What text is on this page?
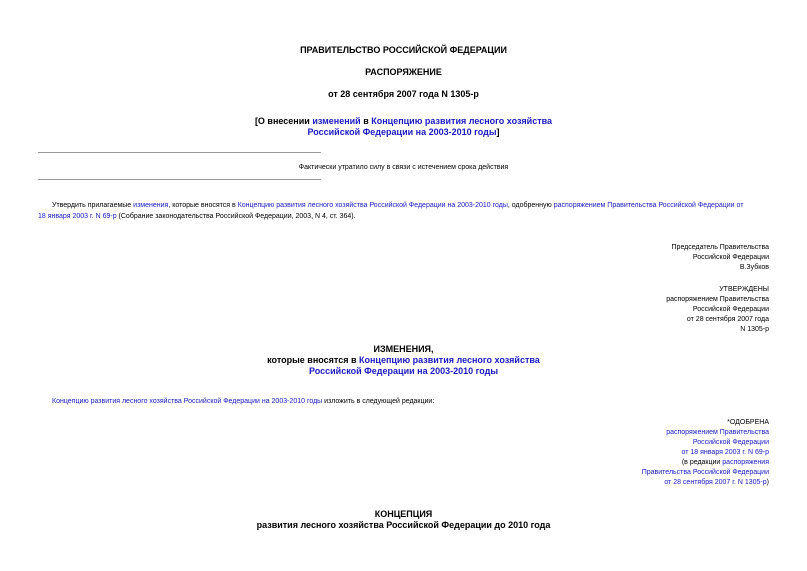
ПРАВИТЕЛЬСТВО РОССИЙСКОЙ ФЕДЕРАЦИИ
РАСПОРЯЖЕНИЕ
от 28 сентября 2007 года N 1305-р
[О внесении изменений в Концепцию развития лесного хозяйства
Российской Федерации на 2003-2010 годы]
Фактически утратило силу в связи с истечением срока действия
Утвердить прилагаемые изменения, которые вносятся в Концепцию развития лесного хозяйства Российской Федерации на 2003-2010 годы, одобренную распоряжением Правительства Российской Федерации от
18 января 2003 г. N 69-р (Собрание законодательства Российской Федерации, 2003, N 4, ст. 364).
Председатель Правительства
Российской Федерации
В.Зубков
УТВЕРЖДЕНЫ
распоряжением Правительства
Российской Федерации
от 28 сентября 2007 года
N 1305-р
ИЗМЕНЕНИЯ,
которые вносятся в Концепцию развития лесного хозяйства
Российской Федерации на 2003-2010 годы
Концепцию развития лесного хозяйства Российской Федерации на 2003-2010 годы изложить в следующей редакции:
*ОДОБРЕНА
распоряжением Правительства
Российской Федерации
от 18 января 2003 г. N 69-р
(в редакции распоряжения
Правительства Российской Федерации
от 28 сентября 2007 г. N 1305-р)
КОНЦЕПЦИЯ
развития лесного хозяйства Российской Федерации до 2010 года
